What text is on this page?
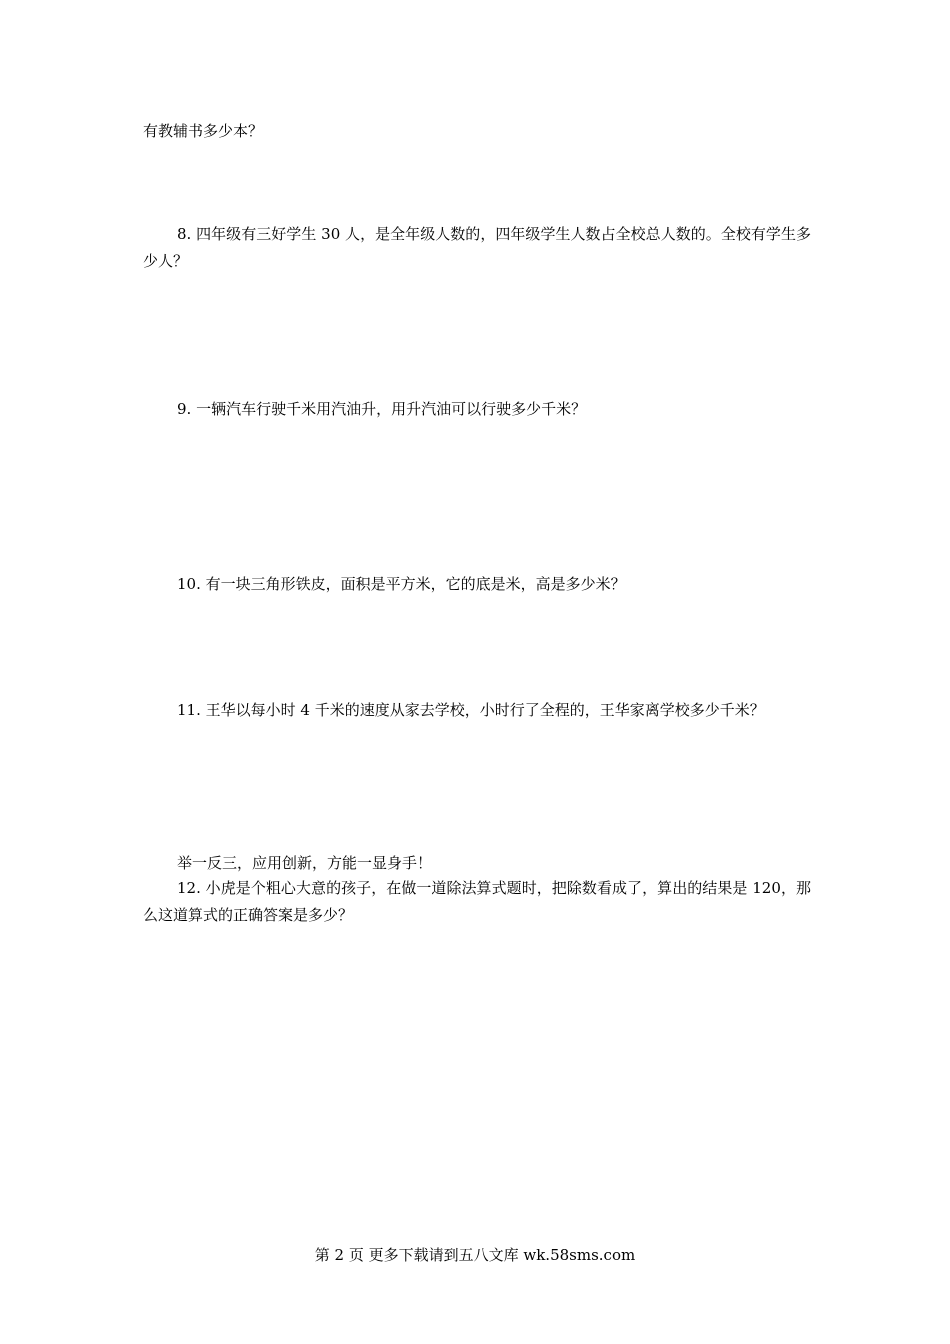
有教辅书多少本？
8. 四年级有三好学生 30 人，是全年级人数的，四年级学生人数占全校总人数的。全校有学生多少人？
9. 一辆汽车行驶千米用汽油升，用升汽油可以行驶多少千米？
10. 有一块三角形铁皮，面积是平方米，它的底是米，高是多少米？
11. 王华以每小时 4 千米的速度从家去学校，小时行了全程的，王华家离学校多少千米？
举一反三，应用创新，方能一显身手！
12. 小虎是个粗心大意的孩子，在做一道除法算式题时，把除数看成了，算出的结果是 120，那么这道算式的正确答案是多少？
第 2 页 更多下载请到五八文库 wk.58sms.com
